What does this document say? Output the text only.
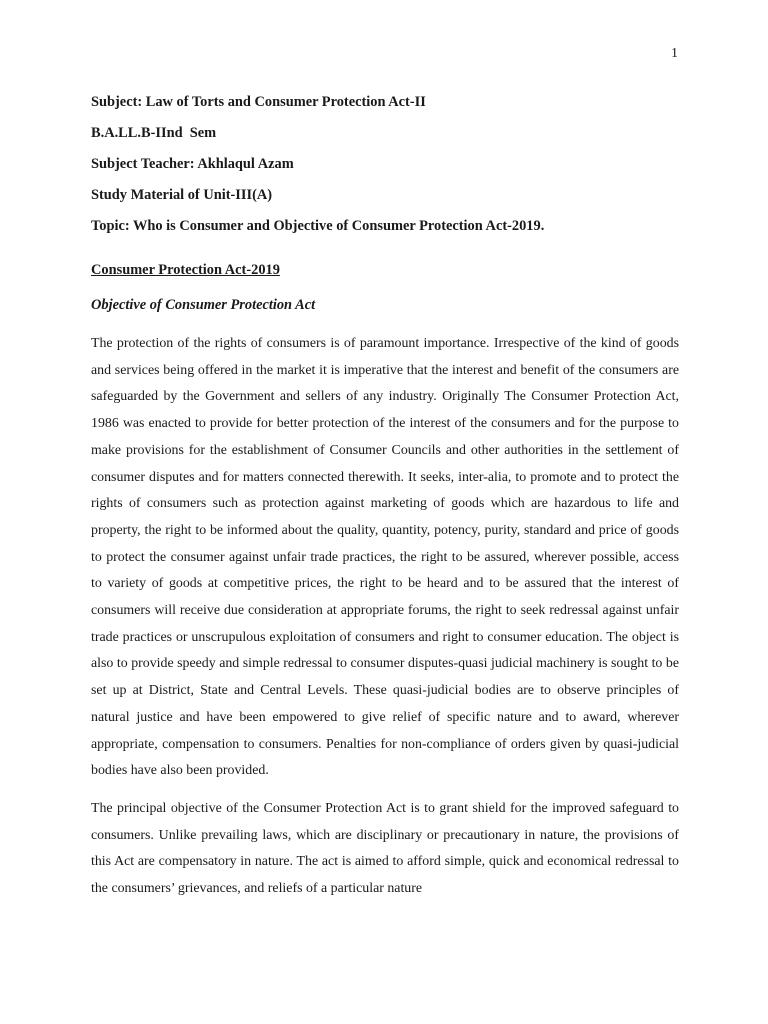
1
Subject: Law of Torts and Consumer Protection Act-II
B.A.LL.B-IInd  Sem
Subject Teacher: Akhlaqul Azam
Study Material of Unit-III(A)
Topic: Who is Consumer and Objective of Consumer Protection Act-2019.
Consumer Protection Act-2019
Objective of Consumer Protection Act

The protection of the rights of consumers is of paramount importance. Irrespective of the kind of goods and services being offered in the market it is imperative that the interest and benefit of the consumers are safeguarded by the Government and sellers of any industry. Originally The Consumer Protection Act, 1986 was enacted to provide for better protection of the interest of the consumers and for the purpose to make provisions for the establishment of Consumer Councils and other authorities in the settlement of consumer disputes and for matters connected therewith. It seeks, inter-alia, to promote and to protect the rights of consumers such as protection against marketing of goods which are hazardous to life and property, the right to be informed about the quality, quantity, potency, purity, standard and price of goods to protect the consumer against unfair trade practices, the right to be assured, wherever possible, access to variety of goods at competitive prices, the right to be heard and to be assured that the interest of consumers will receive due consideration at appropriate forums, the right to seek redressal against unfair trade practices or unscrupulous exploitation of consumers and right to consumer education. The object is also to provide speedy and simple redressal to consumer disputes-quasi judicial machinery is sought to be set up at District, State and Central Levels. These quasi-judicial bodies are to observe principles of natural justice and have been empowered to give relief of specific nature and to award, wherever appropriate, compensation to consumers. Penalties for non-compliance of orders given by quasi-judicial bodies have also been provided.

The principal objective of the Consumer Protection Act is to grant shield for the improved safeguard to consumers. Unlike prevailing laws, which are disciplinary or precautionary in nature, the provisions of this Act are compensatory in nature. The act is aimed to afford simple, quick and economical redressal to the consumers’ grievances, and reliefs of a particular nature
